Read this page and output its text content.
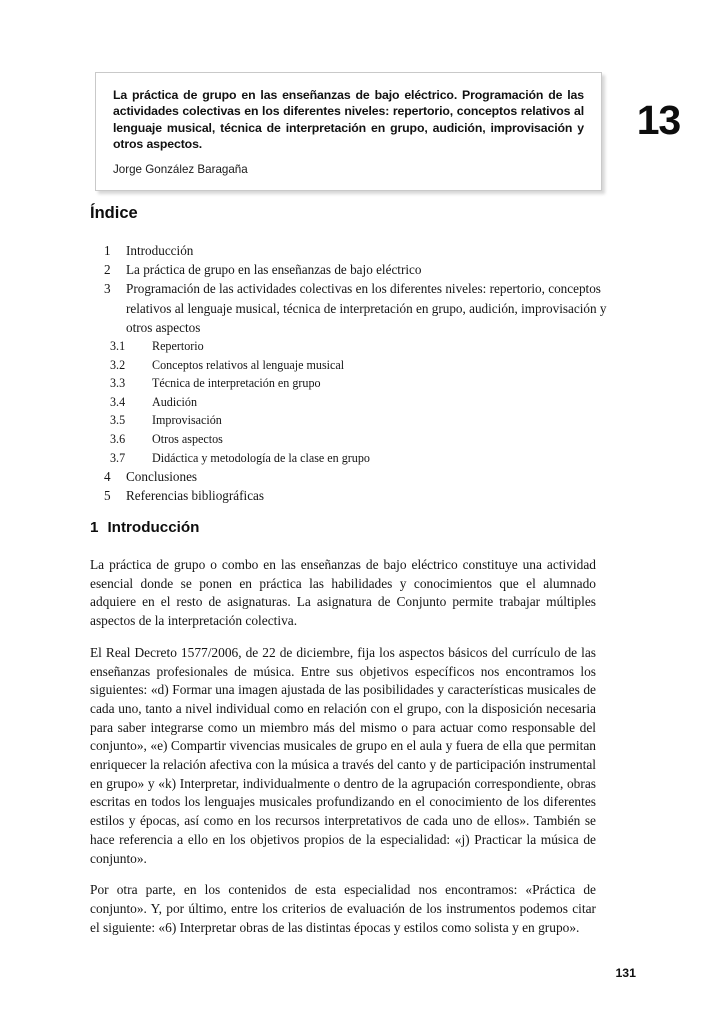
La práctica de grupo en las enseñanzas de bajo eléctrico. Programación de las actividades colectivas en los diferentes niveles: repertorio, conceptos relativos al lenguaje musical, técnica de interpretación en grupo, audición, improvisación y otros aspectos.

Jorge González Baragaña

13
Índice
1	Introducción
2	La práctica de grupo en las enseñanzas de bajo eléctrico
3	Programación de las actividades colectivas en los diferentes niveles: repertorio, conceptos relativos al lenguaje musical, técnica de interpretación en grupo, audición, improvisación y otros aspectos
3.1	Repertorio
3.2	Conceptos relativos al lenguaje musical
3.3	Técnica de interpretación en grupo
3.4	Audición
3.5	Improvisación
3.6	Otros aspectos
3.7	Didáctica y metodología de la clase en grupo
4	Conclusiones
5	Referencias bibliográficas
1 Introducción

La práctica de grupo o combo en las enseñanzas de bajo eléctrico constituye una actividad esencial donde se ponen en práctica las habilidades y conocimientos que el alumnado adquiere en el resto de asignaturas. La asignatura de Conjunto permite trabajar múltiples aspectos de la interpretación colectiva.

El Real Decreto 1577/2006, de 22 de diciembre, fija los aspectos básicos del currículo de las enseñanzas profesionales de música. Entre sus objetivos específicos nos encontramos los siguientes: «d) Formar una imagen ajustada de las posibilidades y características musicales de cada uno, tanto a nivel individual como en relación con el grupo, con la disposición necesaria para saber integrarse como un miembro más del mismo o para actuar como responsable del conjunto», «e) Compartir vivencias musicales de grupo en el aula y fuera de ella que permitan enriquecer la relación afectiva con la música a través del canto y de participación instrumental en grupo» y «k) Interpretar, individualmente o dentro de la agrupación correspondiente, obras escritas en todos los lenguajes musicales profundizando en el conocimiento de los diferentes estilos y épocas, así como en los recursos interpretativos de cada uno de ellos». También se hace referencia a ello en los objetivos propios de la especialidad: «j) Practicar la música de conjunto».

Por otra parte, en los contenidos de esta especialidad nos encontramos: «Práctica de conjunto». Y, por último, entre los criterios de evaluación de los instrumentos podemos citar el siguiente: «6) Interpretar obras de las distintas épocas y estilos como solista y en grupo».

131
